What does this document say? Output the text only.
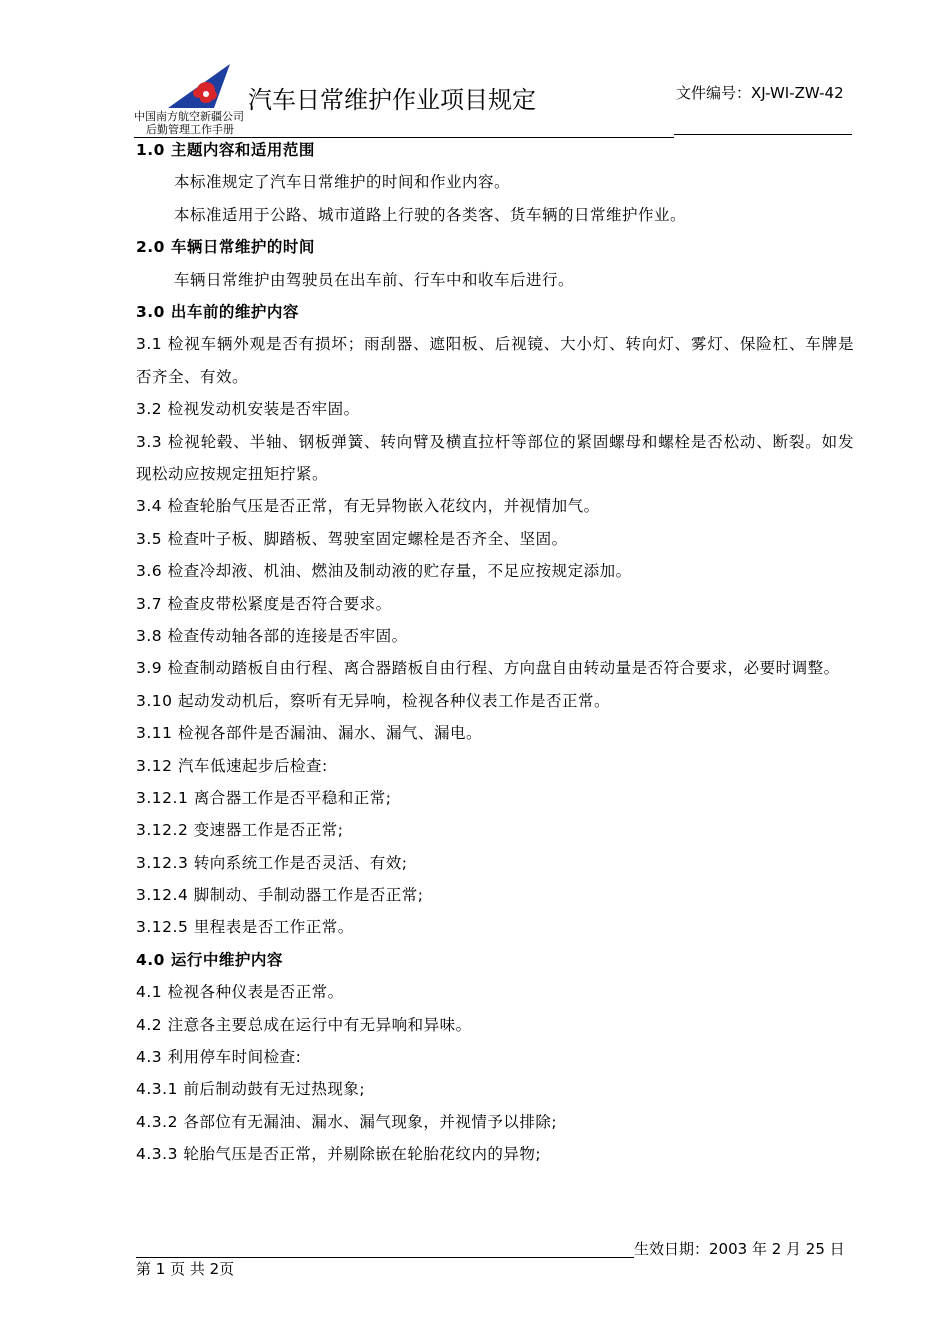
中国南方航空新疆公司
后勤管理工作手册
汽车日常维护作业项目规定	文件编号：XJ-WI-ZW-42
1.0 主题内容和适用范围
本标准规定了汽车日常维护的时间和作业内容。
本标准适用于公路、城市道路上行驶的各类客、货车辆的日常维护作业。
2.0 车辆日常维护的时间
车辆日常维护由驾驶员在出车前、行车中和收车后进行。
3.0 出车前的维护内容
3.1 检视车辆外观是否有损坏；雨刮器、遮阳板、后视镜、大小灯、转向灯、雾灯、保险杠、车牌是否齐全、有效。
3.2 检视发动机安装是否牢固。
3.3 检视轮毂、半轴、钢板弹簧、转向臂及横直拉杆等部位的紧固螺母和螺栓是否松动、断裂。如发现松动应按规定扭矩拧紧。
3.4 检查轮胎气压是否正常，有无异物嵌入花纹内，并视情加气。
3.5 检查叶子板、脚踏板、驾驶室固定螺栓是否齐全、坚固。
3.6 检查冷却液、机油、燃油及制动液的贮存量，不足应按规定添加。
3.7 检查皮带松紧度是否符合要求。
3.8 检查传动轴各部的连接是否牢固。
3.9 检查制动踏板自由行程、离合器踏板自由行程、方向盘自由转动量是否符合要求，必要时调整。
3.10 起动发动机后，察听有无异响，检视各种仪表工作是否正常。
3.11 检视各部件是否漏油、漏水、漏气、漏电。
3.12 汽车低速起步后检查:
3.12.1 离合器工作是否平稳和正常;
3.12.2 变速器工作是否正常;
3.12.3 转向系统工作是否灵活、有效;
3.12.4 脚制动、手制动器工作是否正常;
3.12.5 里程表是否工作正常。
4.0 运行中维护内容
4.1 检视各种仪表是否正常。
4.2 注意各主要总成在运行中有无异响和异味。
4.3 利用停车时间检查:
4.3.1 前后制动鼓有无过热现象;
4.3.2 各部位有无漏油、漏水、漏气现象，并视情予以排除;
4.3.3 轮胎气压是否正常，并剔除嵌在轮胎花纹内的异物;
生效日期：2003 年 2 月 25 日
第 1 页 共 2页
